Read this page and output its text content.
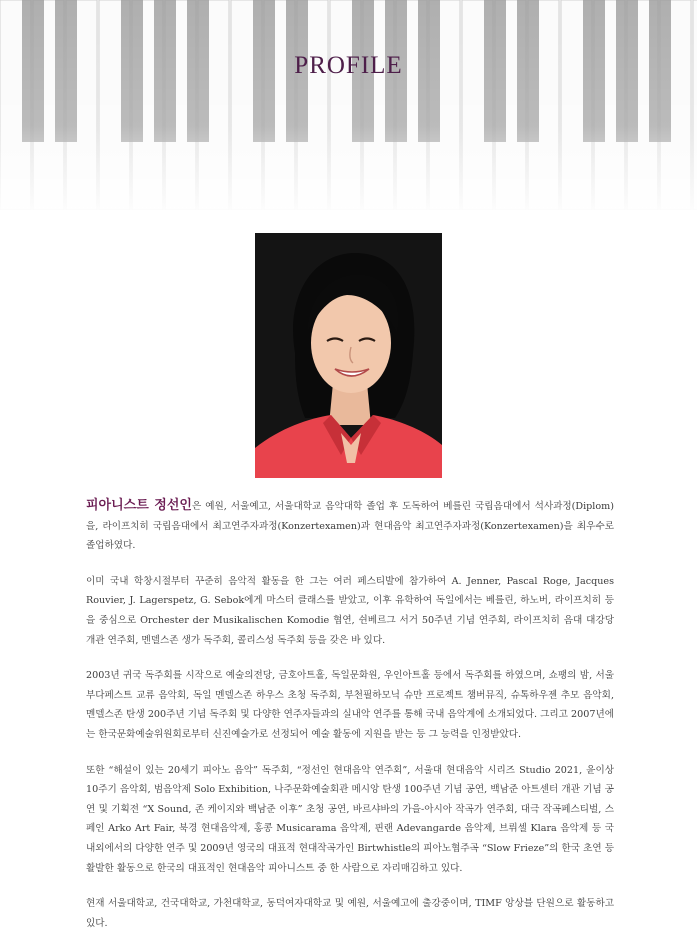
PROFILE

피아니스트 정선인은 예원, 서울예고, 서울대학교 음악대학 졸업 후 도독하여 베를린 국립음대에서 석사과정(Diplom)을, 라이프치히 국립음대에서 최고연주자과정(Konzertexamen)과 현대음악 최고연주자과정(Konzertexamen)을 최우수로 졸업하였다.

이미 국내 학창시절부터 꾸준히 음악적 활동을 한 그는 여러 페스티발에 참가하여 A. Jenner, Pascal Roge, Jacques Rouvier, J. Lagerspetz, G. Sebok에게 마스터 클래스를 받았고, 이후 유학하여 독일에서는 베를린, 하노버, 라이프치히 등을 중심으로 Orchester der Musikalischen Komodie 협연, 쉰베르그 서거 50주년 기념 연주회, 라이프치히 음대 대강당 개관 연주회, 멘델스존 생가 독주회, 콜리스성 독주회 등을 갖은 바 있다.

2003년 귀국 독주회를 시작으로 예술의전당, 금호아트홀, 독일문화원, 우인아트홀 등에서 독주회를 하였으며, 쇼팽의 밤, 서울 부다페스트 교류 음악회, 독일 멘델스존 하우스 초청 독주회, 부천필하모닉 슈만 프로젝트 챔버뮤직, 슈톡하우젠 추모 음악회, 멘델스존 탄생 200주년 기념 독주회 및 다양한 연주자들과의 실내악 연주를 통해 국내 음악계에 소개되었다. 그리고 2007년에는 한국문화예술위원회로부터 신진예술가로 선정되어 예술 활동에 지원을 받는 등 그 능력을 인정받았다.

또한 “해설이 있는 20세기 피아노 음악” 독주회, “정선인 현대음악 연주회”, 서울대 현대음악 시리즈 Studio 2021, 윤이상 10주기 음악회, 범음악제 Solo Exhibition, 나주문화예술회관 메시앙 탄생 100주년 기념 공연, 백남준 아트센터 개관 기념 공연 및 기획전 “X Sound, 존 케이지와 백남준 이후” 초청 공연, 바르샤바의 가을-아시아 작곡가 연주회, 대극 작곡페스티벌, 스페인 Arko Art Fair, 북경 현대음악제, 홍콩 Musicarama 음악제, 핀랜 Adevangarde 음악제, 브뤼셀 Klara 음악제 등 국내외에서의 다양한 연주 및 2009년 영국의 대표적 현대작곡가인 Birtwhistle의 피아노협주곡 “Slow Frieze”의 한국 초연 등 활발한 활동으로 한국의 대표적인 현대음악 피아니스트 중 한 사람으로 자리매김하고 있다.

현재 서울대학교, 건국대학교, 가천대학교, 동덕여자대학교 및 예원, 서울예고에 출강중이며, TIMF 앙상블 단원으로 활동하고 있다.
